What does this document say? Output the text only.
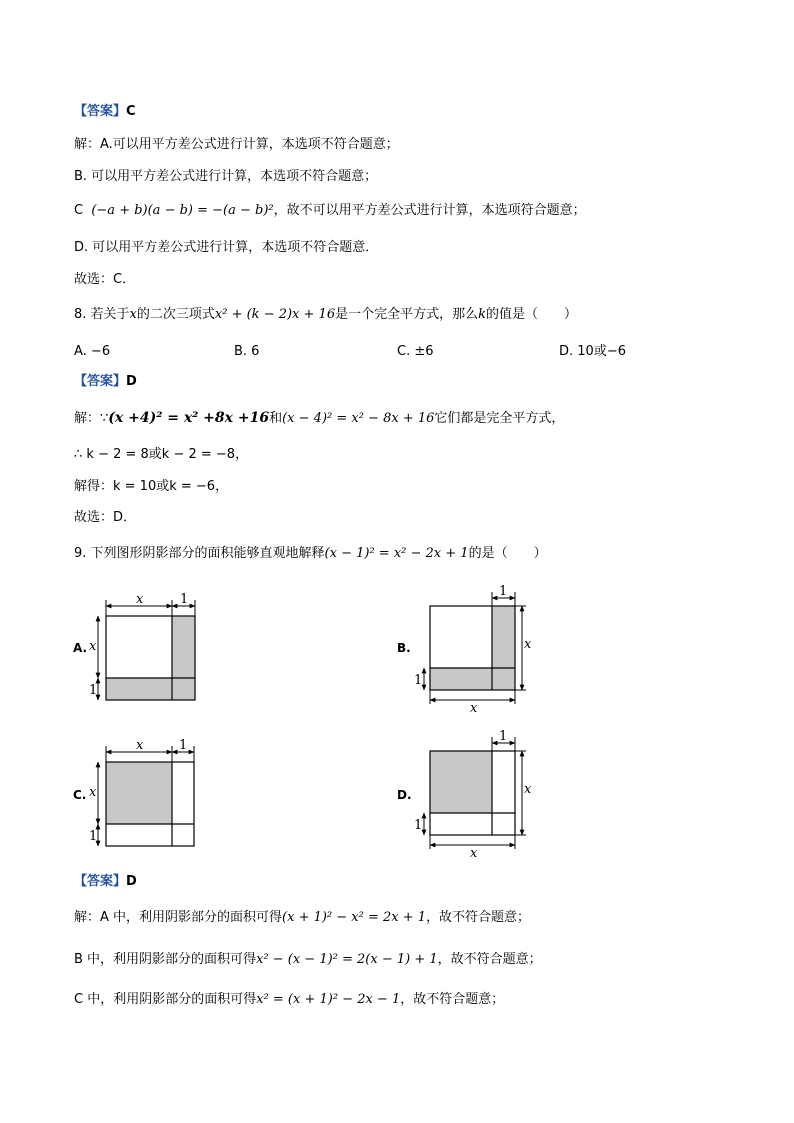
【答案】C
解：A.可以用平方差公式进行计算，本选项不符合题意；
B. 可以用平方差公式进行计算，本选项不符合题意；
C (−a + b)(a − b) = −(a − b)²，故不可以用平方差公式进行计算，本选项符合题意；
D. 可以用平方差公式进行计算，本选项不符合题意．
故选：C．
8. 若关于x的二次三项式x² + (k − 2)x + 16是一个完全平方式，那么k的值是（　　）
A. −6	B. 6	C. ±6	D. 10或−6
【答案】D
解：∵(x +4)² = x² +8x +16和(x − 4)² = x² − 8x + 16它们都是完全平方式，
∴ k − 2 = 8或k − 2 = −8，
解得：k = 10或k = −6，
故选：D．
9. 下列图形阴影部分的面积能够直观地解释(x − 1)² = x² − 2x + 1的是（　　）
A.
x	1
x
1
B.
1
x
x
1
C.
x	1
x
1
D.
1
x
x
1
【答案】D
解：A 中，利用阴影部分的面积可得(x + 1)² − x² = 2x + 1，故不符合题意；
B 中，利用阴影部分的面积可得x² − (x − 1)² = 2(x − 1) + 1，故不符合题意；
C 中，利用阴影部分的面积可得x² = (x + 1)² − 2x − 1，故不符合题意；
